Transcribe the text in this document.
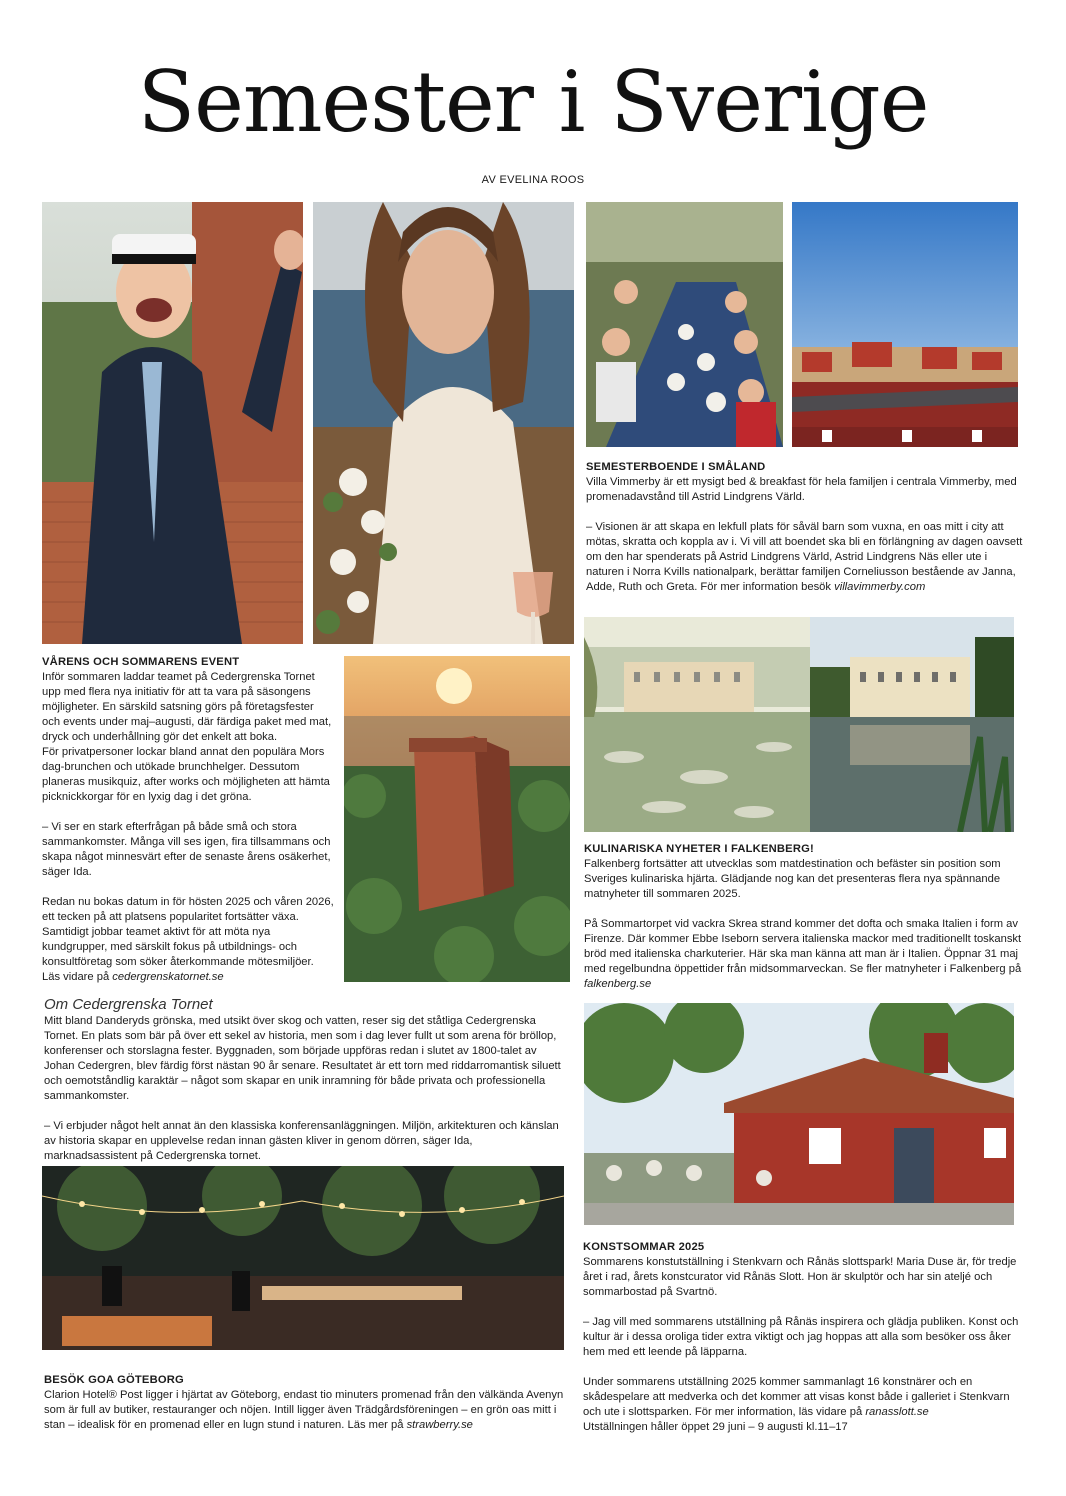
Semester i Sverige
AV EVELINA ROOS
SEMESTERBOENDE I SMÅLAND

Villa Vimmerby är ett mysigt bed & breakfast för hela familjen i centrala Vimmerby, med promenadavstånd till Astrid Lindgrens Värld.

– Visionen är att skapa en lekfull plats för såväl barn som vuxna, en oas mitt i city att mötas, skratta och koppla av i. Vi vill att boendet ska bli en förlängning av dagen oavsett om den har spenderats på Astrid Lindgrens Värld, Astrid Lindgrens Näs eller ute i naturen i Norra Kvills nationalpark, berättar familjen Corneliusson bestående av Janna, Adde, Ruth och Greta. För mer information besök villavimmerby.com

VÅRENS OCH SOMMARENS EVENT
Inför sommaren laddar teamet på Cedergrenska Tornet upp med flera nya initiativ för att ta vara på säsongens möjligheter. En särskild satsning görs på företagsfester och events under maj–augusti, där färdiga paket med mat, dryck och underhållning gör det enkelt att boka.

För privatpersoner lockar bland annat den populära Mors dag-brunchen och utökade brunchhelger. Dessutom planeras musikquiz, after works och möjligheten att hämta picknickkorgar för en lyxig dag i det gröna.

– Vi ser en stark efterfrågan på både små och stora sammankomster. Många vill ses igen, fira tillsammans och skapa något minnesvärt efter de senaste årens osäkerhet, säger Ida.

Redan nu bokas datum in för hösten 2025 och våren 2026, ett tecken på att platsens popularitet fortsätter växa. Samtidigt jobbar teamet aktivt för att möta nya kundgrupper, med särskilt fokus på utbildnings- och konsultföretag som söker återkommande mötesmiljöer. Läs vidare på cedergrenskatornet.se

KULINARISKA NYHETER I FALKENBERG!

Falkenberg fortsätter att utvecklas som matdestination och befäster sin position som Sveriges kulinariska hjärta. Glädjande nog kan det presenteras flera nya spännande matnyheter till sommaren 2025.

På Sommartorpet vid vackra Skrea strand kommer det dofta och smaka Italien i form av Firenze. Där kommer Ebbe Iseborn servera italienska mackor med traditionellt toskanskt bröd med italienska charkuterier. Här ska man känna att man är i Italien. Öppnar 31 maj med regelbundna öppettider från midsommarveckan. Se fler matnyheter i Falkenberg på falkenberg.se

Om Cedergrenska Tornet

Mitt bland Danderyds grönska, med utsikt över skog och vatten, reser sig det ståtliga Cedergrenska Tornet. En plats som bär på över ett sekel av historia, men som i dag lever fullt ut som arena för bröllop, konferenser och storslagna fester. Byggnaden, som började uppföras redan i slutet av 1800-talet av Johan Cedergren, blev färdig först nästan 90 år senare. Resultatet är ett torn med riddarromantisk siluett och oemotståndlig karaktär – något som skapar en unik inramning för både privata och professionella sammankomster.

– Vi erbjuder något helt annat än den klassiska konferensanläggningen. Miljön, arkitekturen och känslan av historia skapar en upplevelse redan innan gästen kliver in genom dörren, säger Ida, marknadsassistent på Cedergrenska tornet.

KONSTSOMMAR 2025

Sommarens konstutställning i Stenkvarn och Rånäs slottspark! Maria Duse är, för tredje året i rad, årets konstcurator vid Rånäs Slott. Hon är skulptör och har sin ateljé och sommarbostad på Svartnö.

– Jag vill med sommarens utställning på Rånäs inspirera och glädja publiken. Konst och kultur är i dessa oroliga tider extra viktigt och jag hoppas att alla som besöker oss åker hem med ett leende på läpparna.

Under sommarens utställning 2025 kommer sammanlagt 16 konstnärer och en skådespelare att medverka och det kommer att visas konst både i galleriet i Stenkvarn och ute i slottsparken. För mer information, läs vidare på ranasslott.se
Utställningen håller öppet 29 juni – 9 augusti kl.11–17
BESÖK GOA GÖTEBORG
Clarion Hotel® Post ligger i hjärtat av Göteborg, endast tio minuters promenad från den välkända Avenyn som är full av butiker, restauranger och nöjen. Intill ligger även Trädgårdsföreningen – en grön oas mitt i stan – idealisk för en promenad eller en lugn stund i naturen. Läs mer på strawberry.se
